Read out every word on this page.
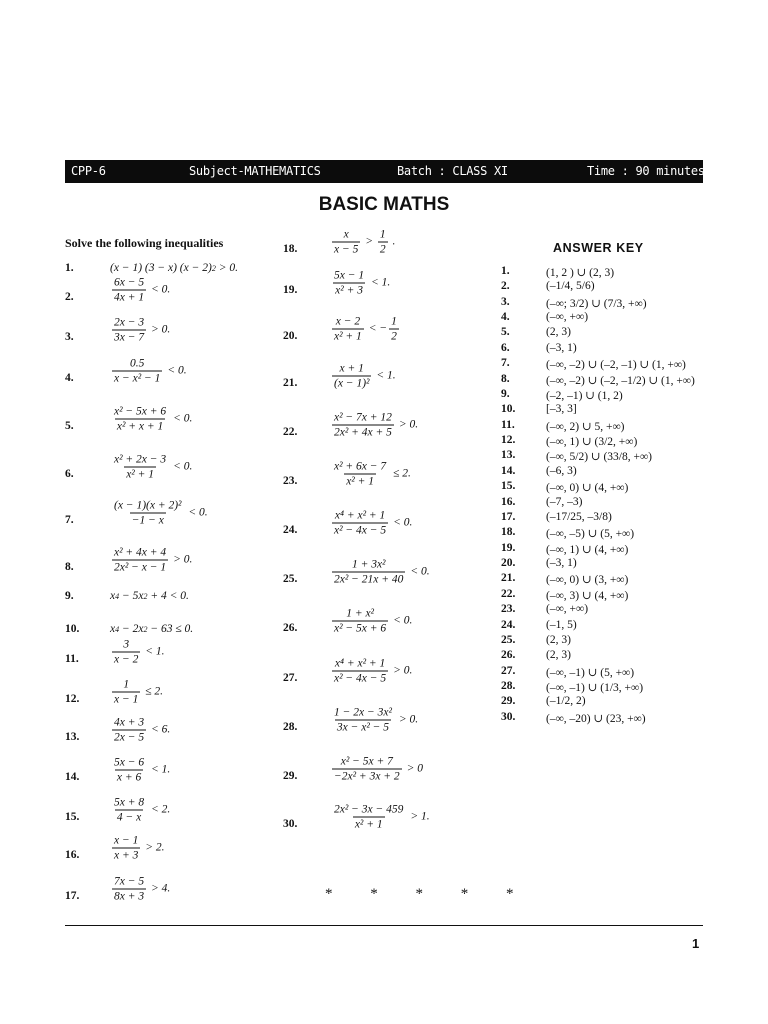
CPP-6	Subject-MATHEMATICS	Batch : CLASS XI	Time : 90 minutes
BASIC MATHS
Solve the following inequalities	ANSWER KEY
1.	(x − 1) (3 − x) (x − 2) 2 > 0.
2.	$\frac{6x - 5}{4x + 1} < 0$.
3.	$\frac{2x - 3}{3x - 7} > 0$.
4.	$\frac{0.5}{\text{x − x² − 1}} < 0$.
5.	$\frac{\text{x² − 5x + 6}}{\text{x² + x + 1}} < 0$.
6.	$\frac{\text{x² + 2x − 3}}{\text{x² + 1}} < 0$.
7.	$\frac{\text{(x − 1)(x + 2)²}}{-1 - x} < 0$.
8.	$\frac{\text{x² + 4x + 4}}{\text{2x² − x − 1}} > 0$.
9.	x 4 − 5x 2 + 4 < 0.
10.	x 4 − 2x 2 − 63 ≤ 0.
11.	$\frac{3}{x - 2} < 1$.
12.	$\frac{1}{x - 1} \le 2$.
13.	$\frac{4x + 3}{2x - 5} < 6$.
14.	$\frac{5x - 6}{x + 6} < 1$.
15.	$\frac{5x + 8}{4 - x} < 2$.
16.	$\frac{x - 1}{x + 3} > 2$.
17.	$\frac{7x - 5}{8x + 3} > 4$.
18.	$\frac{x}{x - 5} > \frac{1}{2}$ .
19.	$\frac{5x - 1}{\text{x² + 3}} < 1$.
20.	$\frac{x - 2}{\text{x² + 1}}$ < − $\frac{1}{2}$
21.	$\frac{x + 1}{\text{(x − 1)²}} < 1$.
22.	$\frac{\text{x² − 7x + 12}}{\text{2x² + 4x + 5}} > 0$.
23.	$\frac{\text{x² + 6x − 7}}{\text{x² + 1}} \le 2$.
24.	$\frac{\text{x⁴ + x² + 1}}{\text{x² − 4x − 5}} < 0$.
25.	$\frac{\text{1 + 3x²}}{\text{2x² − 21x + 40}} < 0$.
26.	$\frac{\text{1 + x²}}{\text{x² − 5x + 6}} < 0$.
27.	$\frac{\text{x⁴ + x² + 1}}{\text{x² − 4x − 5}} > 0$.
28.	$\frac{\text{1 − 2x − 3x²}}{\text{3x − x² − 5}} > 0$.
29.	$\frac{\text{x² − 5x + 7}}{\text{−2x² + 3x + 2}} > 0$
30.	$\frac{\text{2x² − 3x − 459}}{\text{x² + 1}} > 1$.
1.	(1, 2 ) ∪ (2, 3)
2.	(–1/4, 5/6)
3.	(–∞; 3/2) ∪ (7/3, +∞)
4.	(–∞, +∞)
5.	(2, 3)
6.	(–3, 1)
7.	(–∞, –2) ∪ (–2, –1) ∪ (1, +∞)
8.	(–∞, –2) ∪ (–2, –1/2) ∪ (1, +∞)
9.	(–2, –1) ∪ (1, 2)
10.	[–3, 3]
11.	(–∞, 2) ∪ 5, +∞)
12.	(–∞, 1) ∪ (3/2, +∞)
13.	(–∞, 5/2) ∪ (33/8, +∞)
14.	(–6, 3)
15.	(–∞, 0) ∪ (4, +∞)
16.	(–7, –3)
17.	(–17/25, –3/8)
18.	(–∞, –5) ∪ (5, +∞)
19.	(–∞, 1) ∪ (4, +∞)
20.	(–3, 1)
21.	(–∞, 0) ∪ (3, +∞)
22.	(–∞, 3) ∪ (4, +∞)
23.	(–∞, +∞)
24.	(–1, 5)
25.	(2, 3)
26.	(2, 3)
27.	(–∞, –1) ∪ (5, +∞)
28.	(–∞, –1) ∪ (1/3, +∞)
29.	(–1/2, 2)
30.	(–∞, –20) ∪ (23, +∞)
* * * * *
1
